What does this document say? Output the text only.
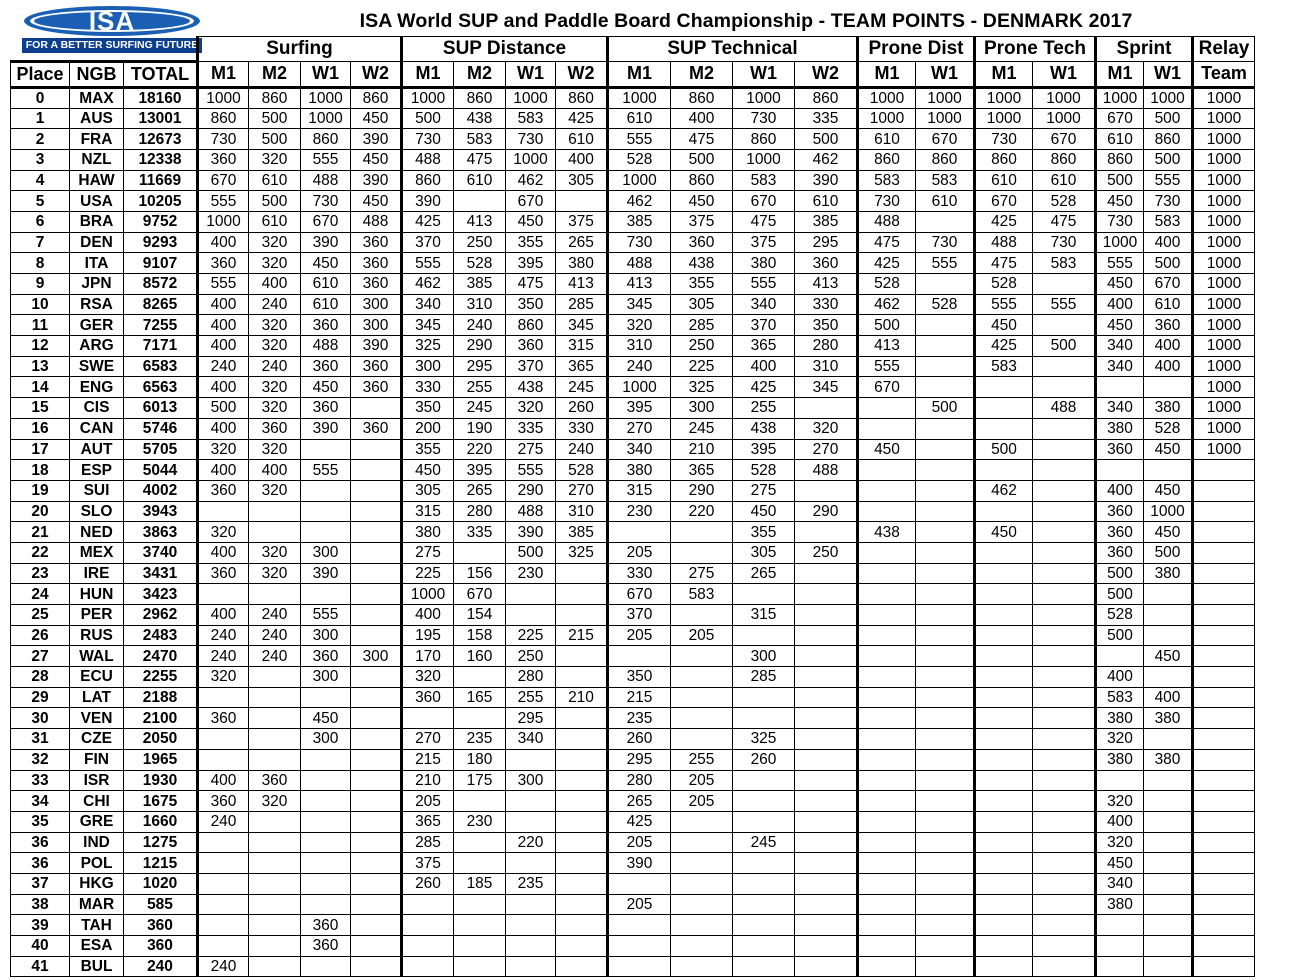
ISA
FOR A BETTER SURFING FUTURE
ISA World SUP and Paddle Board Championship - TEAM POINTS - DENMARK 2017
			Surfing				SUP Distance				SUP Technical				Prone Dist		Prone Tech		Sprint		Relay
Place	NGB	TOTAL	M1	M2	W1	W2	M1	M2	W1	W2	M1	M2	W1	W2	M1	W1	M1	W1	M1	W1	Team
0	MAX	18160	1000	860	1000	860	1000	860	1000	860	1000	860	1000	860	1000	1000	1000	1000	1000	1000	1000
1	AUS	13001	860	500	1000	450	500	438	583	425	610	400	730	335	1000	1000	1000	1000	670	500	1000
2	FRA	12673	730	500	860	390	730	583	730	610	555	475	860	500	610	670	730	670	610	860	1000
3	NZL	12338	360	320	555	450	488	475	1000	400	528	500	1000	462	860	860	860	860	860	500	1000
4	HAW	11669	670	610	488	390	860	610	462	305	1000	860	583	390	583	583	610	610	500	555	1000
5	USA	10205	555	500	730	450	390		670		462	450	670	610	730	610	670	528	450	730	1000
6	BRA	9752	1000	610	670	488	425	413	450	375	385	375	475	385	488		425	475	730	583	1000
7	DEN	9293	400	320	390	360	370	250	355	265	730	360	375	295	475	730	488	730	1000	400	1000
8	ITA	9107	360	320	450	360	555	528	395	380	488	438	380	360	425	555	475	583	555	500	1000
9	JPN	8572	555	400	610	360	462	385	475	413	413	355	555	413	528		528		450	670	1000
10	RSA	8265	400	240	610	300	340	310	350	285	345	305	340	330	462	528	555	555	400	610	1000
11	GER	7255	400	320	360	300	345	240	860	345	320	285	370	350	500		450		450	360	1000
12	ARG	7171	400	320	488	390	325	290	360	315	310	250	365	280	413		425	500	340	400	1000
13	SWE	6583	240	240	360	360	300	295	370	365	240	225	400	310	555		583		340	400	1000
14	ENG	6563	400	320	450	360	330	255	438	245	1000	325	425	345	670						1000
15	CIS	6013	500	320	360		350	245	320	260	395	300	255			500		488	340	380	1000
16	CAN	5746	400	360	390	360	200	190	335	330	270	245	438	320					380	528	1000
17	AUT	5705	320	320			355	220	275	240	340	210	395	270	450		500		360	450	1000
18	ESP	5044	400	400	555		450	395	555	528	380	365	528	488							
19	SUI	4002	360	320			305	265	290	270	315	290	275				462		400	450	
20	SLO	3943					315	280	488	310	230	220	450	290					360	1000	
21	NED	3863	320				380	335	390	385			355		438		450		360	450	
22	MEX	3740	400	320	300		275		500	325	205		305	250					360	500	
23	IRE	3431	360	320	390		225	156	230		330	275	265						500	380	
24	HUN	3423					1000	670			670	583							500		
25	PER	2962	400	240	555		400	154			370		315						528		
26	RUS	2483	240	240	300		195	158	225	215	205	205							500		
27	WAL	2470	240	240	360	300	170	160	250				300							450	
28	ECU	2255	320		300		320		280		350		285						400		
29	LAT	2188					360	165	255	210	215								583	400	
30	VEN	2100	360		450				295		235								380	380	
31	CZE	2050			300		270	235	340		260		325						320		
32	FIN	1965					215	180			295	255	260						380	380	
33	ISR	1930	400	360			210	175	300		280	205									
34	CHI	1675	360	320			205				265	205							320		
35	GRE	1660	240				365	230			425								400		
36	IND	1275					285		220		205		245						320		
36	POL	1215					375				390								450		
37	HKG	1020					260	185	235										340		
38	MAR	585									205								380		
39	TAH	360			360																
40	ESA	360			360																
41	BUL	240	240																		
